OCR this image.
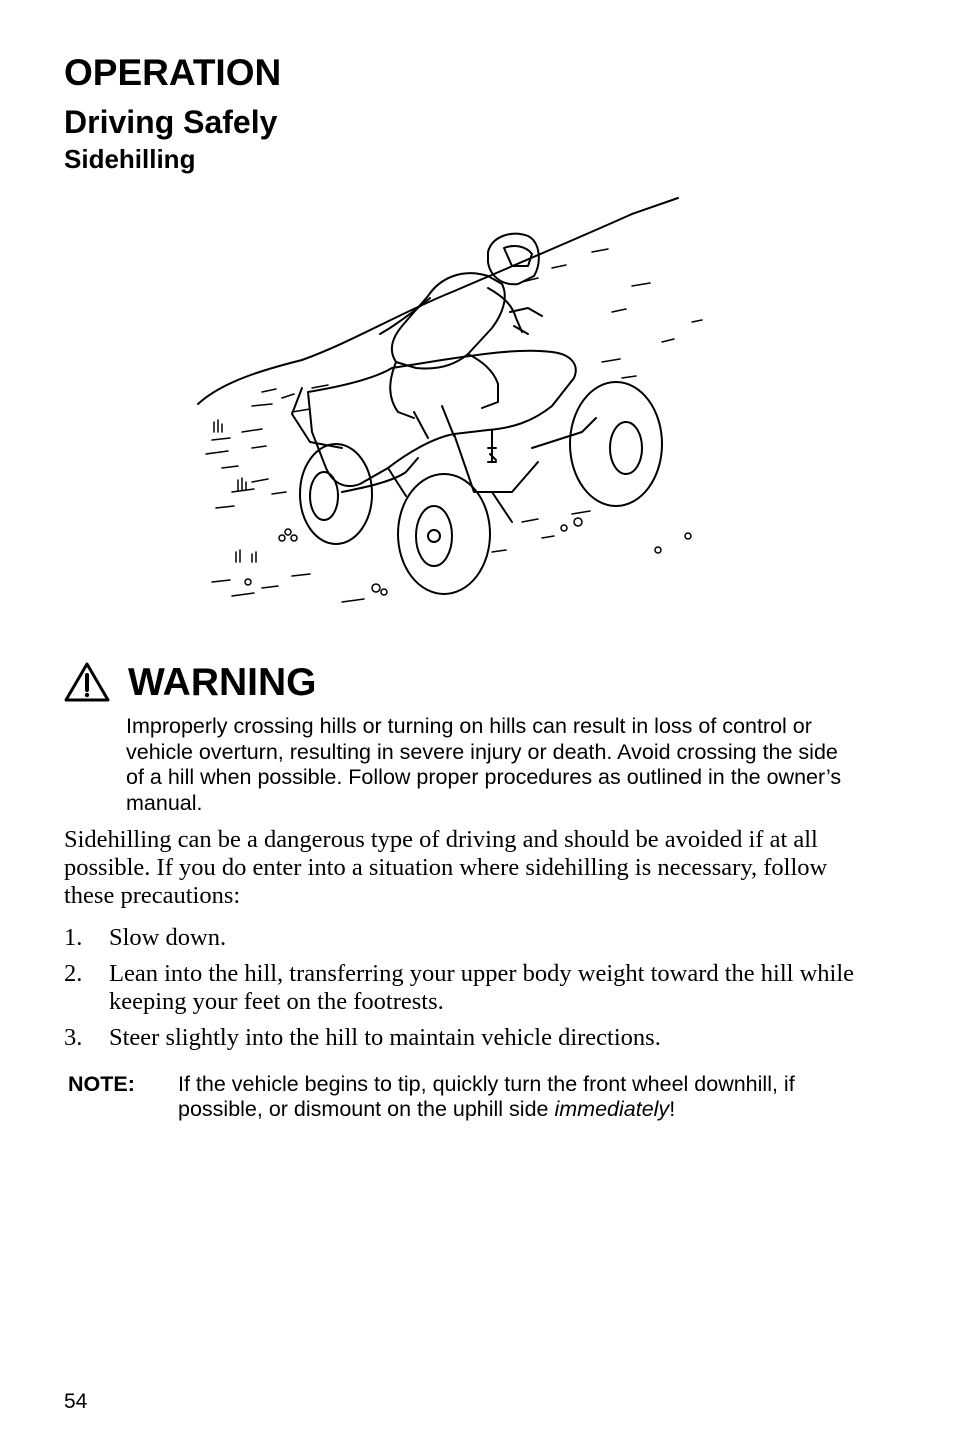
OPERATION
Driving Safely
Sidehilling
WARNING
Improperly crossing hills or turning on hills can result in loss of control or vehicle overturn, resulting in severe injury or death. Avoid crossing the side of a hill when possible. Follow proper procedures as outlined in the owner’s manual.

Sidehilling can be a dangerous type of driving and should be avoided if at all possible. If you do enter into a situation where sidehilling is necessary, follow these precautions:

1.	Slow down.
2.	Lean into the hill, transferring your upper body weight toward the hill while keeping your feet on the footrests.
3.	Steer slightly into the hill to maintain vehicle directions.
NOTE:	If the vehicle begins to tip, quickly turn the front wheel downhill, if possible, or dismount on the uphill side immediately!
54
